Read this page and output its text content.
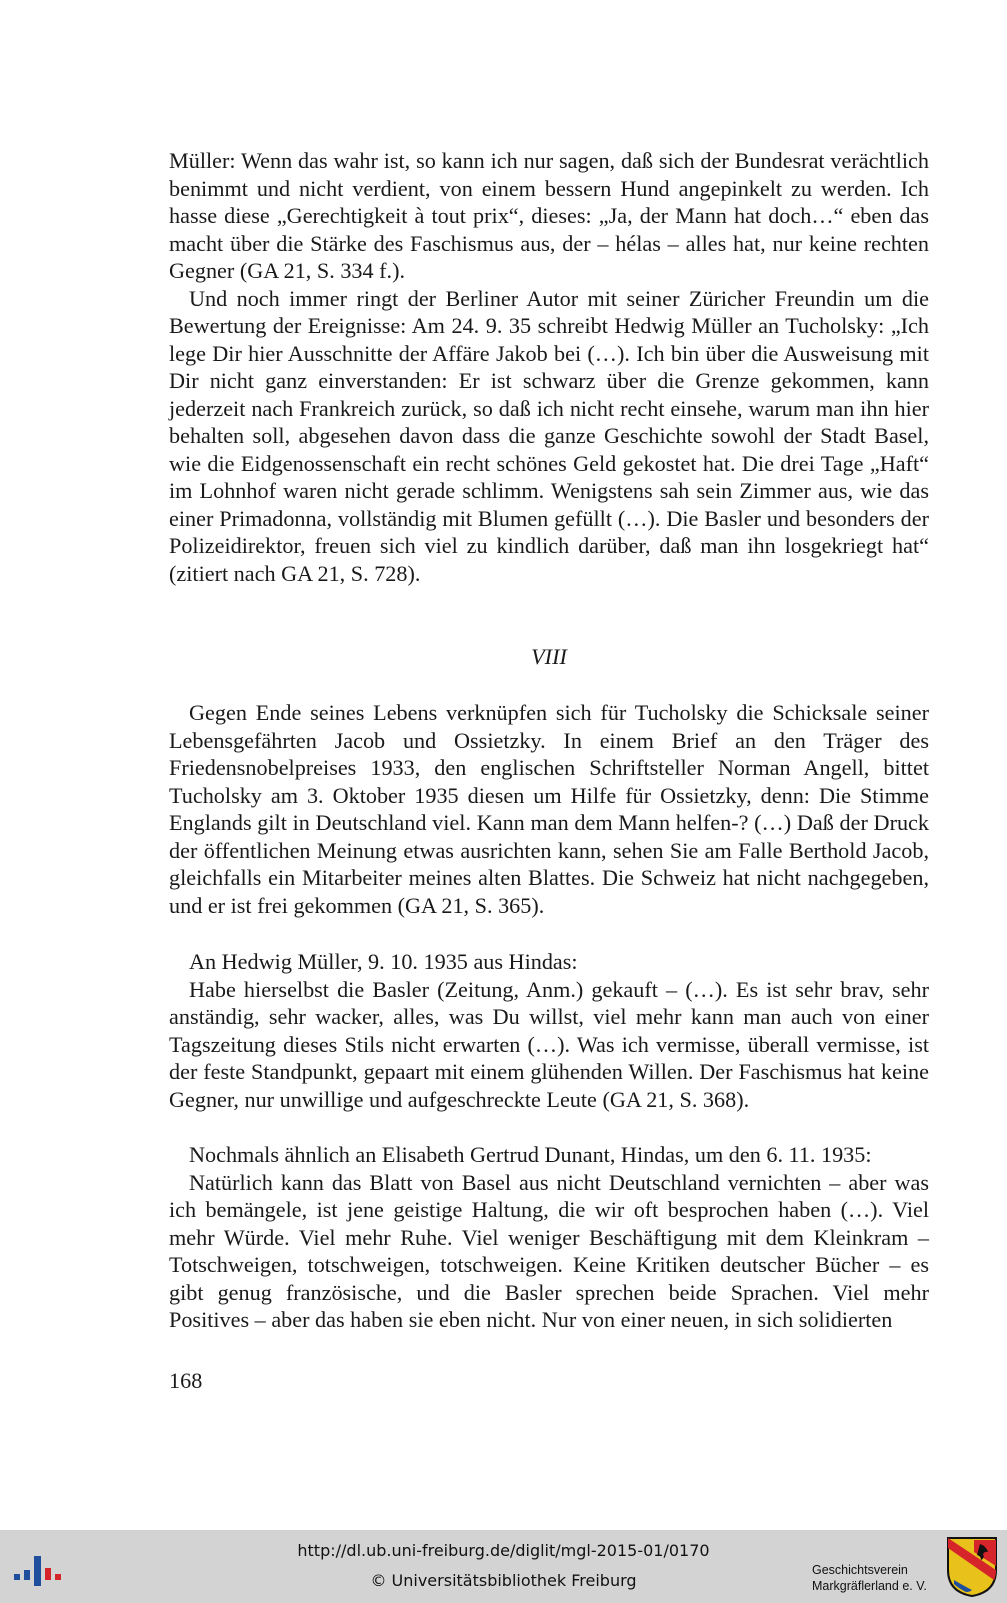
Müller: Wenn das wahr ist, so kann ich nur sagen, daß sich der Bundesrat verächtlich benimmt und nicht verdient, von einem bessern Hund angepinkelt zu werden. Ich hasse diese „Gerechtigkeit à tout prix“, dieses: „Ja, der Mann hat doch…“ eben das macht über die Stärke des Faschismus aus, der – hélas – alles hat, nur keine rechten Gegner (GA 21, S. 334 f.).

Und noch immer ringt der Berliner Autor mit seiner Züricher Freundin um die Bewertung der Ereignisse: Am 24. 9. 35 schreibt Hedwig Müller an Tucholsky: „Ich lege Dir hier Ausschnitte der Affäre Jakob bei (…). Ich bin über die Ausweisung mit Dir nicht ganz einverstanden: Er ist schwarz über die Grenze gekommen, kann jederzeit nach Frankreich zurück, so daß ich nicht recht einsehe, warum man ihn hier behalten soll, abgesehen davon dass die ganze Geschichte sowohl der Stadt Basel, wie die Eidgenossenschaft ein recht schönes Geld gekostet hat. Die drei Tage „Haft“ im Lohnhof waren nicht gerade schlimm. Wenigstens sah sein Zimmer aus, wie das einer Primadonna, vollständig mit Blumen gefüllt (…). Die Basler und besonders der Polizeidirektor, freuen sich viel zu kindlich darüber, daß man ihn losgekriegt hat“ (zitiert nach GA 21, S. 728).

VIII

Gegen Ende seines Lebens verknüpfen sich für Tucholsky die Schicksale seiner Lebensgefährten Jacob und Ossietzky. In einem Brief an den Träger des Friedensnobelpreises 1933, den englischen Schriftsteller Norman Angell, bittet Tucholsky am 3. Oktober 1935 diesen um Hilfe für Ossietzky, denn: Die Stimme Englands gilt in Deutschland viel. Kann man dem Mann helfen-? (…) Daß der Druck der öffentlichen Meinung etwas ausrichten kann, sehen Sie am Falle Berthold Jacob, gleichfalls ein Mitarbeiter meines alten Blattes. Die Schweiz hat nicht nachgegeben, und er ist frei gekommen (GA 21, S. 365).

An Hedwig Müller, 9. 10. 1935 aus Hindas:

Habe hierselbst die Basler (Zeitung, Anm.) gekauft – (…). Es ist sehr brav, sehr anständig, sehr wacker, alles, was Du willst, viel mehr kann man auch von einer Tagszeitung dieses Stils nicht erwarten (…). Was ich vermisse, überall vermisse, ist der feste Standpunkt, gepaart mit einem glühenden Willen. Der Faschismus hat keine Gegner, nur unwillige und aufgeschreckte Leute (GA 21, S. 368).

Nochmals ähnlich an Elisabeth Gertrud Dunant, Hindas, um den 6. 11. 1935:

Natürlich kann das Blatt von Basel aus nicht Deutschland vernichten – aber was ich bemängele, ist jene geistige Haltung, die wir oft besprochen haben (…). Viel mehr Würde. Viel mehr Ruhe. Viel weniger Beschäftigung mit dem Kleinkram – Totschweigen, totschweigen, totschweigen. Keine Kritiken deutscher Bücher – es gibt genug französische, und die Basler sprechen beide Sprachen. Viel mehr Positives – aber das haben sie eben nicht. Nur von einer neuen, in sich solidierten

168
http://dl.ub.uni-freiburg.de/diglit/mgl-2015-01/0170
© Universitätsbibliothek Freiburg
Geschichtsverein
Markgräflerland e. V.
